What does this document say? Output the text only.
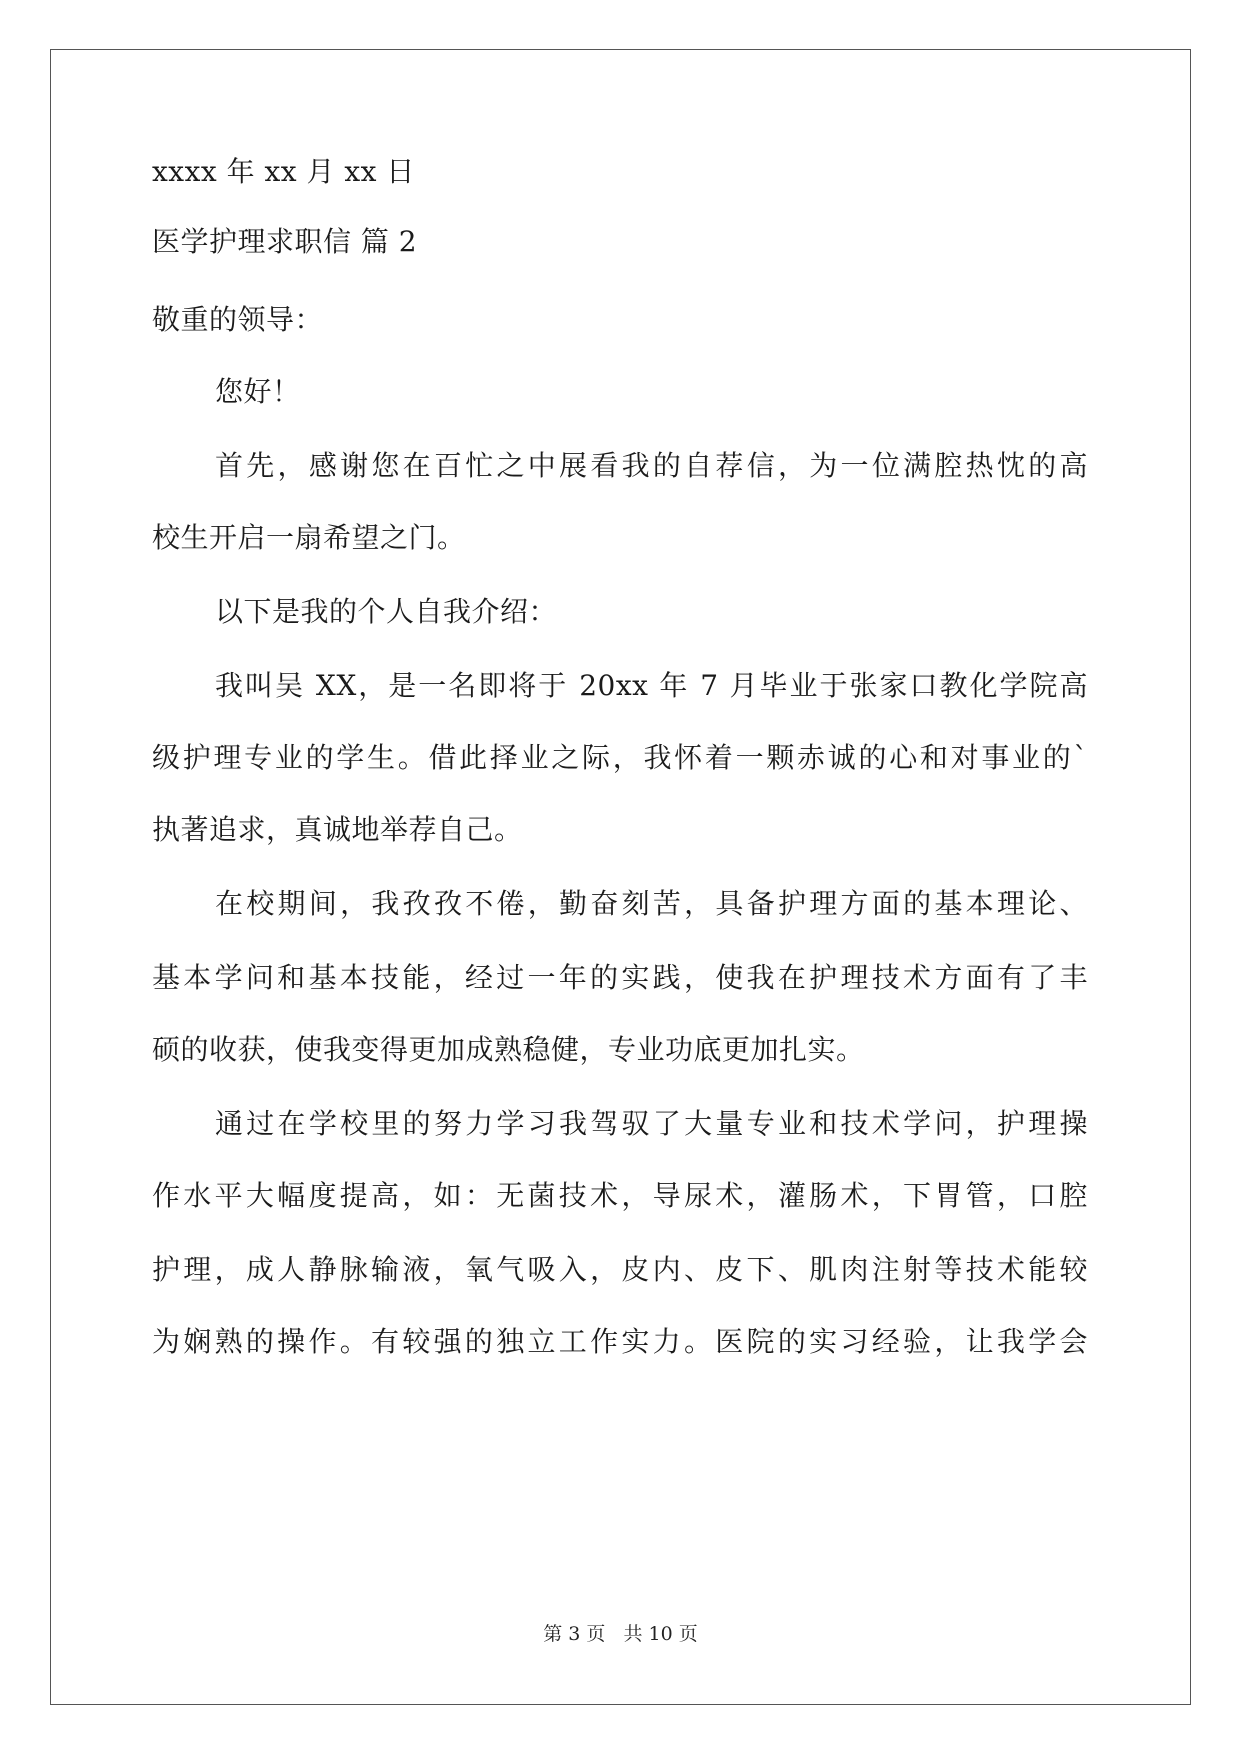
xxxx 年 xx 月 xx 日
医学护理求职信 篇 2
敬重的领导：
您好！
首先，感谢您在百忙之中展看我的自荐信，为一位满腔热忱的高
校生开启一扇希望之门。
以下是我的个人自我介绍：
我叫吴 XX，是一名即将于 20xx 年 7 月毕业于张家口教化学院高
级护理专业的学生。借此择业之际，我怀着一颗赤诚的心和对事业的`
执著追求，真诚地举荐自己。
在校期间，我孜孜不倦，勤奋刻苦，具备护理方面的基本理论、
基本学问和基本技能，经过一年的实践，使我在护理技术方面有了丰
硕的收获，使我变得更加成熟稳健，专业功底更加扎实。
通过在学校里的努力学习我驾驭了大量专业和技术学问，护理操
作水平大幅度提高，如：无菌技术，导尿术，灌肠术，下胃管，口腔
护理，成人静脉输液，氧气吸入，皮内、皮下、肌肉注射等技术能较
为娴熟的操作。有较强的独立工作实力。医院的实习经验，让我学会
第 3 页 共 10 页
